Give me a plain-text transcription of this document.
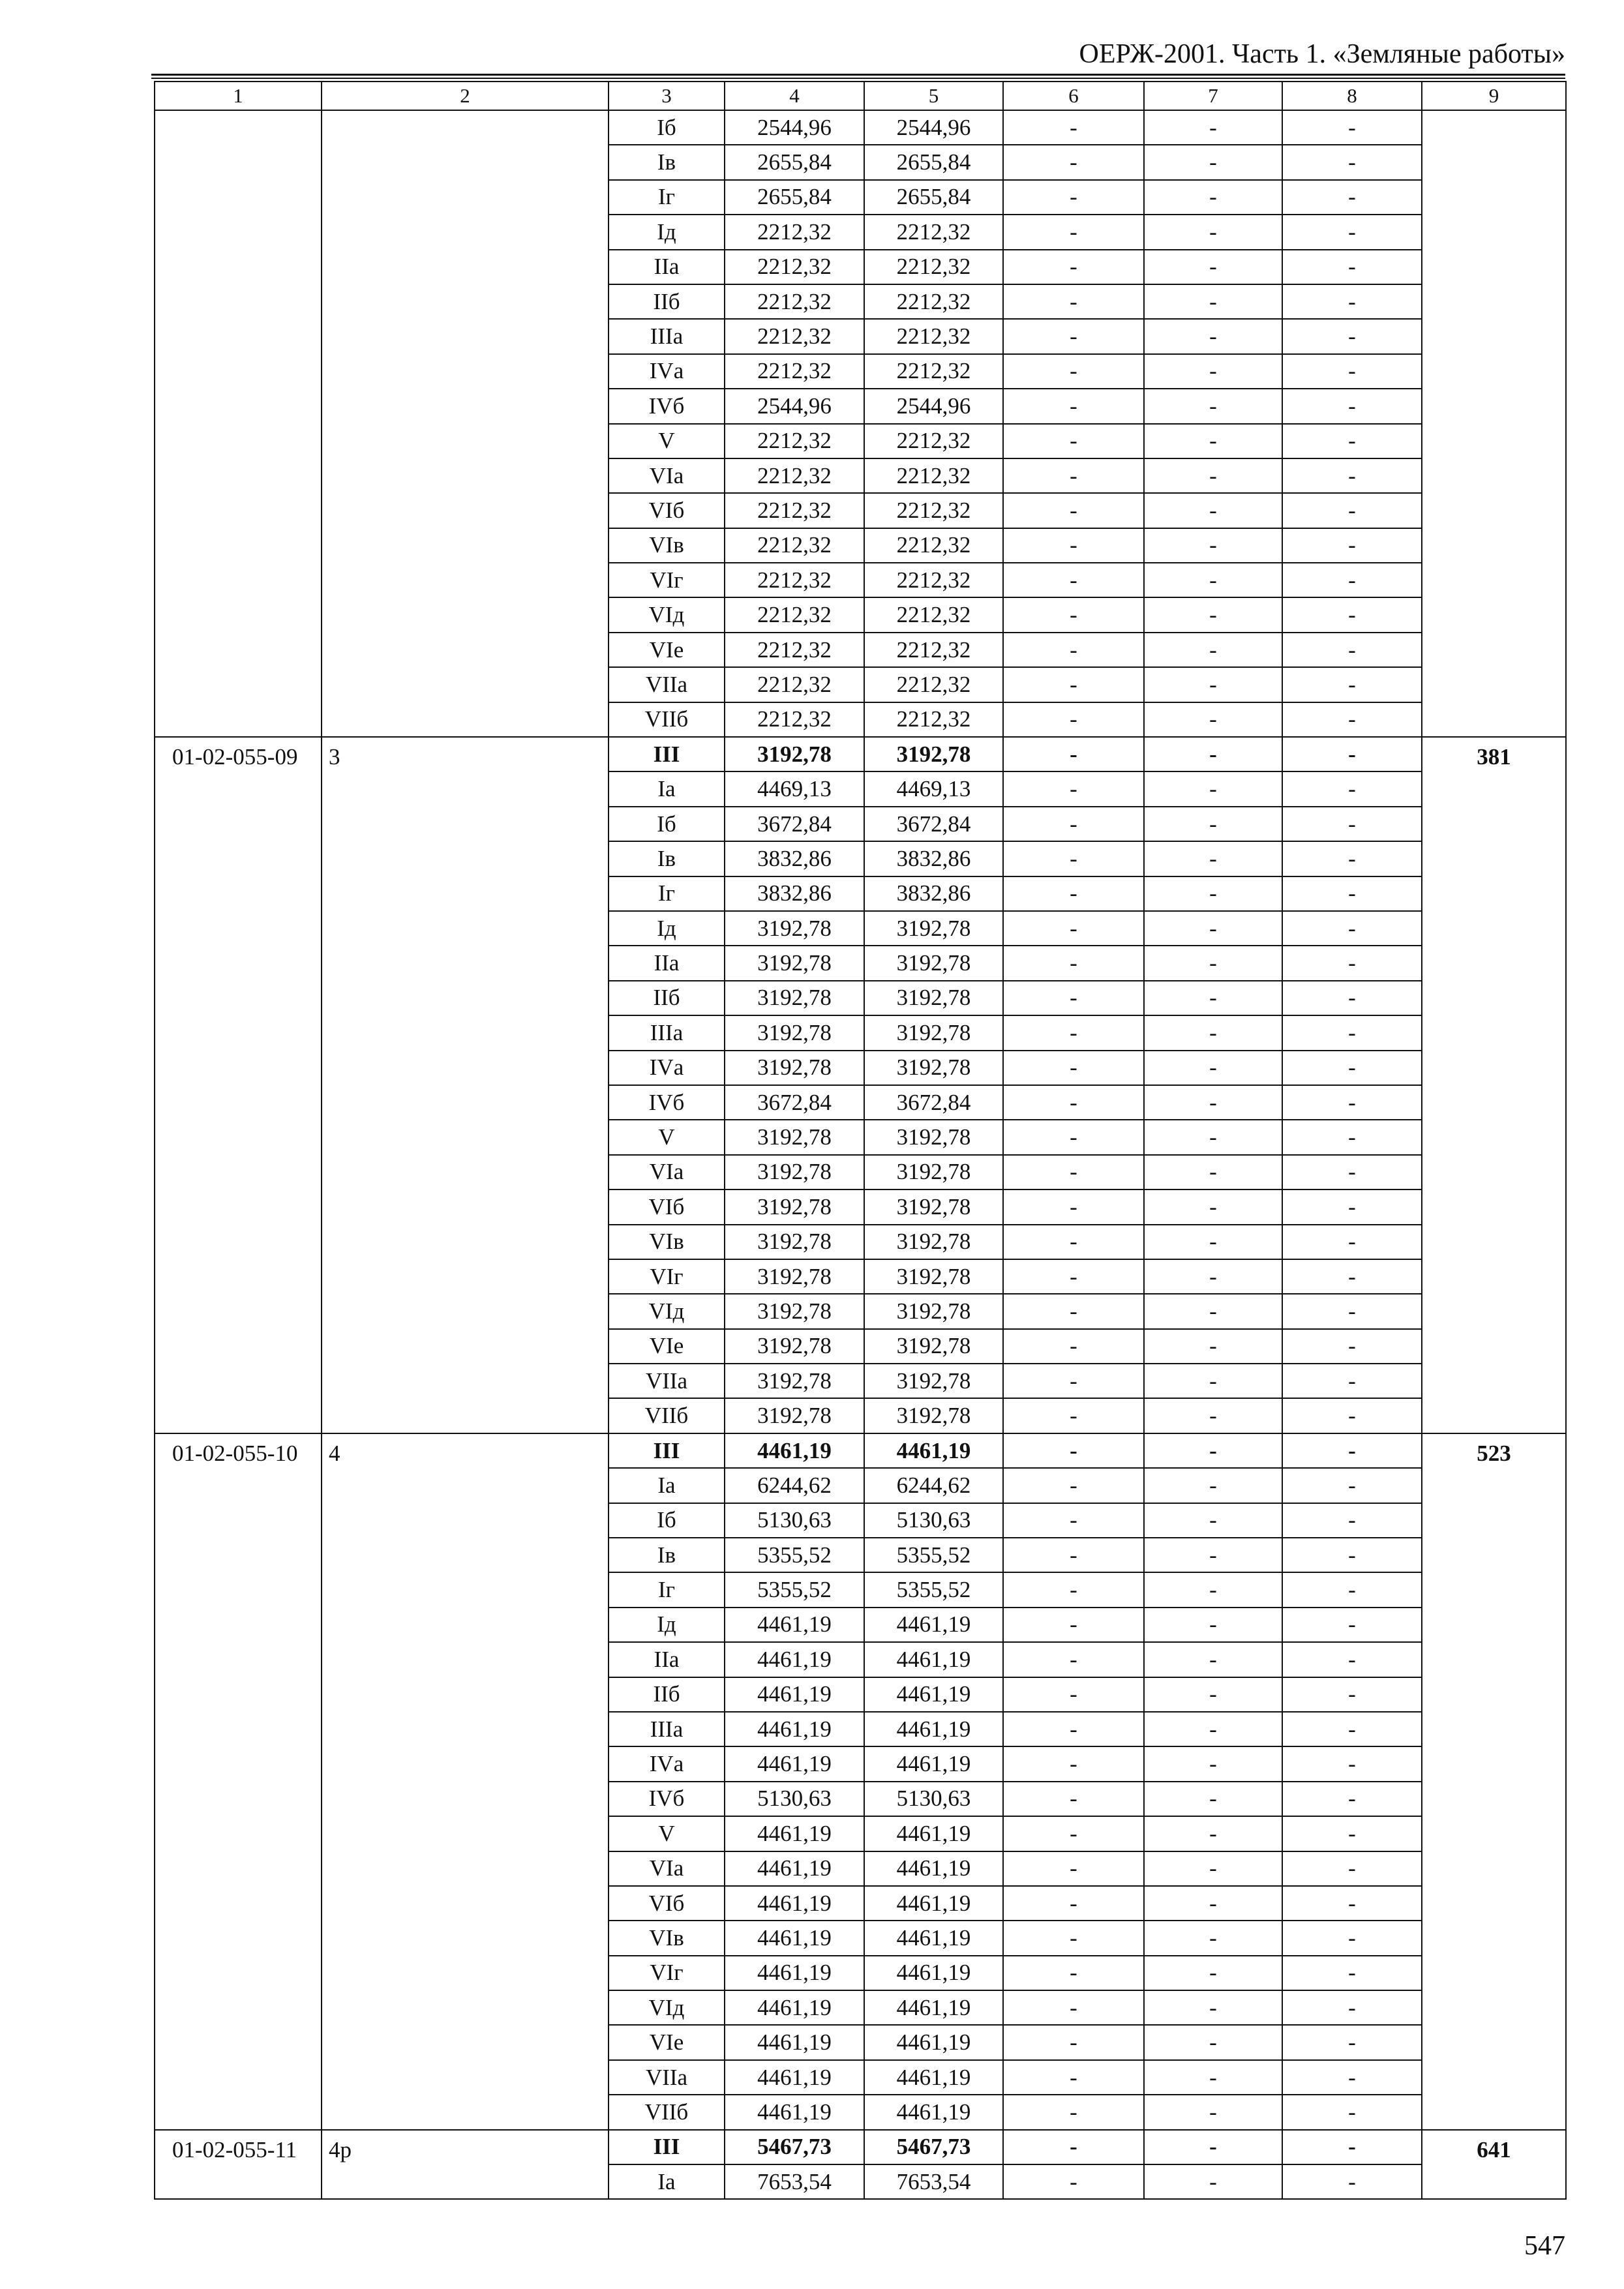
ОЕРЖ-2001. Часть 1. «Земляные работы»
1	2	3	4	5	6	7	8	9
		Iб	2544,96	2544,96	-	-	-	
		Iв	2655,84	2655,84	-	-	-	
		Iг	2655,84	2655,84	-	-	-	
		Iд	2212,32	2212,32	-	-	-	
		IIа	2212,32	2212,32	-	-	-	
		IIб	2212,32	2212,32	-	-	-	
		IIIа	2212,32	2212,32	-	-	-	
		IVа	2212,32	2212,32	-	-	-	
		IVб	2544,96	2544,96	-	-	-	
		V	2212,32	2212,32	-	-	-	
		VIа	2212,32	2212,32	-	-	-	
		VIб	2212,32	2212,32	-	-	-	
		VIв	2212,32	2212,32	-	-	-	
		VIг	2212,32	2212,32	-	-	-	
		VIд	2212,32	2212,32	-	-	-	
		VIе	2212,32	2212,32	-	-	-	
		VIIа	2212,32	2212,32	-	-	-	
		VIIб	2212,32	2212,32	-	-	-	
01-02-055-09	3	III	3192,78	3192,78	-	-	-	381
		Iа	4469,13	4469,13	-	-	-	
		Iб	3672,84	3672,84	-	-	-	
		Iв	3832,86	3832,86	-	-	-	
		Iг	3832,86	3832,86	-	-	-	
		Iд	3192,78	3192,78	-	-	-	
		IIа	3192,78	3192,78	-	-	-	
		IIб	3192,78	3192,78	-	-	-	
		IIIа	3192,78	3192,78	-	-	-	
		IVа	3192,78	3192,78	-	-	-	
		IVб	3672,84	3672,84	-	-	-	
		V	3192,78	3192,78	-	-	-	
		VIа	3192,78	3192,78	-	-	-	
		VIб	3192,78	3192,78	-	-	-	
		VIв	3192,78	3192,78	-	-	-	
		VIг	3192,78	3192,78	-	-	-	
		VIд	3192,78	3192,78	-	-	-	
		VIе	3192,78	3192,78	-	-	-	
		VIIа	3192,78	3192,78	-	-	-	
		VIIб	3192,78	3192,78	-	-	-	
01-02-055-10	4	III	4461,19	4461,19	-	-	-	523
		Iа	6244,62	6244,62	-	-	-	
		Iб	5130,63	5130,63	-	-	-	
		Iв	5355,52	5355,52	-	-	-	
		Iг	5355,52	5355,52	-	-	-	
		Iд	4461,19	4461,19	-	-	-	
		IIа	4461,19	4461,19	-	-	-	
		IIб	4461,19	4461,19	-	-	-	
		IIIа	4461,19	4461,19	-	-	-	
		IVа	4461,19	4461,19	-	-	-	
		IVб	5130,63	5130,63	-	-	-	
		V	4461,19	4461,19	-	-	-	
		VIа	4461,19	4461,19	-	-	-	
		VIб	4461,19	4461,19	-	-	-	
		VIв	4461,19	4461,19	-	-	-	
		VIг	4461,19	4461,19	-	-	-	
		VIд	4461,19	4461,19	-	-	-	
		VIе	4461,19	4461,19	-	-	-	
		VIIа	4461,19	4461,19	-	-	-	
		VIIб	4461,19	4461,19	-	-	-	
01-02-055-11	4р	III	5467,73	5467,73	-	-	-	641
		Iа	7653,54	7653,54	-	-	-	
547
